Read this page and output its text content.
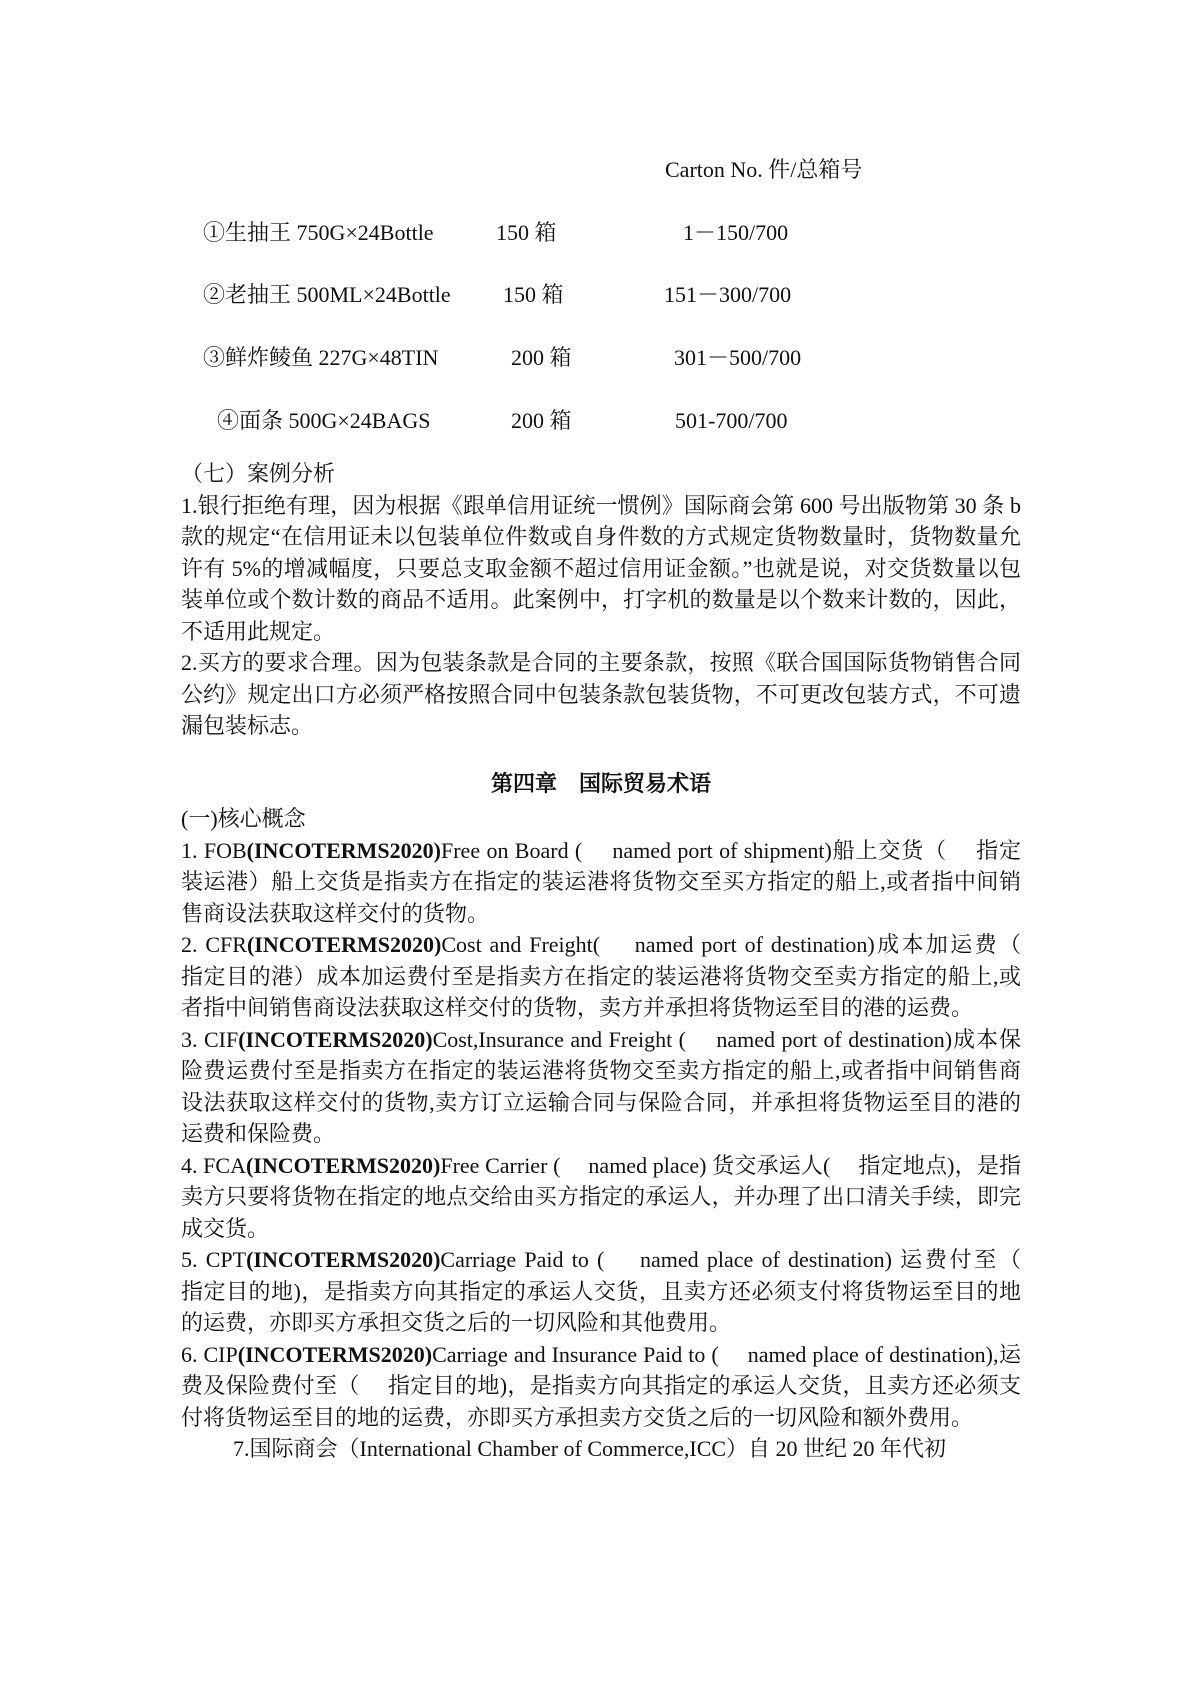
Carton No. 件/总箱号
①生抽王 750G×24Bottle	150 箱	1－150/700
②老抽王 500ML×24Bottle 150 箱	151－300/700
③鲜炸鲮鱼 227G×48TIN	200 箱	301－500/700
④面条 500G×24BAGS	200 箱	501-700/700

（七）案例分析

1.银行拒绝有理，因为根据《跟单信用证统一惯例》国际商会第 600 号出版物第 30 条 b 款的规定“在信用证未以包装单位件数或自身件数的方式规定货物数量时，货物数量允许有 5%的增减幅度，只要总支取金额不超过信用证金额。”也就是说，对交货数量以包装单位或个数计数的商品不适用。此案例中，打字机的数量是以个数来计数的，因此，不适用此规定。

2.买方的要求合理。因为包装条款是合同的主要条款，按照《联合国国际货物销售合同公约》规定出口方必须严格按照合同中包装条款包装货物，不可更改包装方式，不可遗漏包装标志。

第四章　国际贸易术语

(一)核心概念

1. FOB(INCOTERMS2020)Free on Board (　 named port of shipment)船上交货（　 指定装运港）船上交货是指卖方在指定的装运港将货物交至买方指定的船上,或者指中间销售商设法获取这样交付的货物。

2. CFR(INCOTERMS2020)Cost and Freight(　 named port of destination)成本加运费（　 指定目的港）成本加运费付至是指卖方在指定的装运港将货物交至卖方指定的船上,或者指中间销售商设法获取这样交付的货物，卖方并承担将货物运至目的港的运费。

3. CIF(INCOTERMS2020)Cost,Insurance and Freight (　 named port of destination)成本保险费运费付至是指卖方在指定的装运港将货物交至卖方指定的船上,或者指中间销售商设法获取这样交付的货物,卖方订立运输合同与保险合同，并承担将货物运至目的港的运费和保险费。

4. FCA(INCOTERMS2020)Free Carrier (　 named place) 货交承运人(　 指定地点)，是指卖方只要将货物在指定的地点交给由买方指定的承运人，并办理了出口清关手续，即完成交货。

5. CPT(INCOTERMS2020)Carriage Paid to (　 named place of destination) 运费付至（　 指定目的地)，是指卖方向其指定的承运人交货，且卖方还必须支付将货物运至目的地的运费，亦即买方承担交货之后的一切风险和其他费用。

6. CIP(INCOTERMS2020)Carriage and Insurance Paid to (　 named place of destination),运费及保险费付至（　 指定目的地)，是指卖方向其指定的承运人交货，且卖方还必须支付将货物运至目的地的运费，亦即买方承担卖方交货之后的一切风险和额外费用。

7.国际商会（International Chamber of Commerce,ICC）自 20 世纪 20 年代初
